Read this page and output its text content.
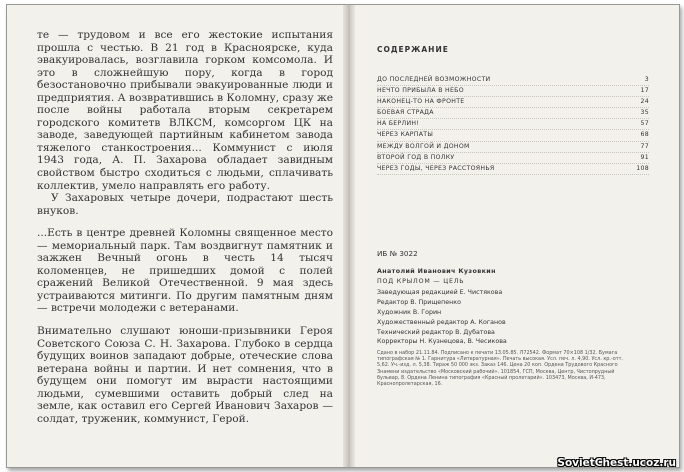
те — трудовом и все его жестокие испытания прошла с честью. В 21 год в Красноярске, куда эвакуировалась, возглавила горком комсомола. И это в сложнейшую пору, когда в город безостановочно прибывали эвакуированные люди и предприятия. А возвратившись в Коломну, сразу же после войны работала вторым секретарем городского комитетв ВЛКСМ, комсоргом ЦК на заводе, заведующей партийным кабинетом завода тяжелого станкостроения... Коммунист с июля 1943 года, А. П. Захарова обладает завидным свойством быстро сходиться с людьми, сплачивать коллектив, умело направлять его работу.

У Захаровых четыре дочери, подрастают шесть внуков.

...Есть в центре древней Коломны священное место — мемориальный парк. Там воздвигнут памятник и зажжен Вечный огонь в честь 14 тысяч коломенцев, не пришедших домой с полей сражений Великой Отечественной. 9 мая здесь устраиваются митинги. По другим памятным дням — встречи молодежи с ветеранами.

Внимательно слушают юноши-призывники Героя Советского Союза С. Н. Захарова. Глубоко в сердца будущих воинов западают добрые, отеческие слова ветерана войны и партии. И нет сомнения, что в будущем они помогут им вырасти настоящими людьми, сумевшими оставить добрый след на земле, как оставил его Сергей Иванович Захаров — солдат, труженик, коммунист, Герой.

СОДЕРЖАНИЕ
ДО ПОСЛЕДНЕЙ ВОЗМОЖНОСТИ	3
НЕЧТО ПРИБЫЛА В НЕБО	17
НАКОНЕЦ-ТО НА ФРОНТЕ	24
БОЕВАЯ СТРАДА	35
НА БЕРЛИН!	57
ЧЕРЕЗ КАРПАТЫ	68
МЕЖДУ ВОЛГОЙ И ДОНОМ	77
ВТОРОЙ ГОД В ПОЛКУ	91
ЧЕРЕЗ ГОДЫ, ЧЕРЕЗ РАССТОЯНЬЯ	108
ИБ № 3022
Анатолий Иванович Кузовкин
ПОД КРЫЛОМ — ЦЕЛЬ
Заведующая редакцией Е. Чистякова
Редактор В. Прищепенко
Художник В. Горин
Художественный редактор А. Коганов
Технический редактор В. Дубатова
Корректоры Н. Кузнецова, В. Чесикова
Сдано в набор 21.11.84. Подписано к печати 13.05.85. Л72542. Формат 70×108 1/32. Бумага типографская № 1. Гарнитура «Литературная». Печать высокая. Усл. печ. л. 4,90. Усл. кр.-отт. 5,62. Уч.-изд. л. 5,38. Тираж 50 000 экз. Заказ 146. Цена 20 коп. Ордена Трудового Красного Знамени издательство «Московский рабочий». 101854, ГСП, Москва, Центр, Чистопрудный бульвар, 8. Ордена Ленина типография «Красный пролетарий». 103473, Москва, И-473, Краснопролетарская, 16.
SovietChest.ucoz.ru
